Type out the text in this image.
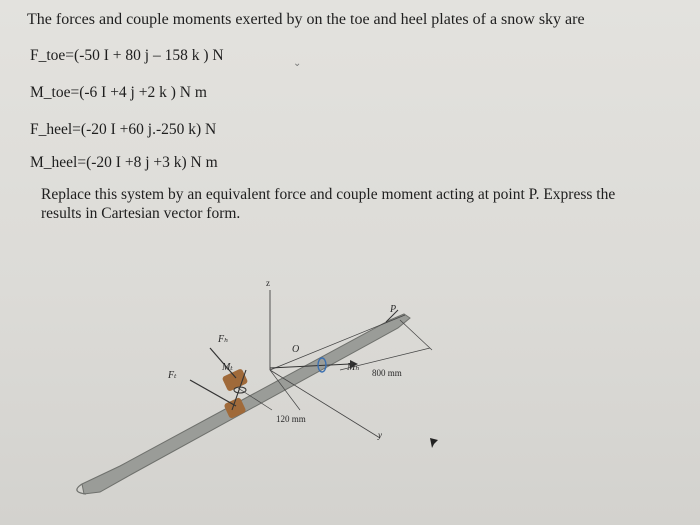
The forces and couple moments exerted by on the toe and heel plates of a snow sky are
F_toe=(-50 I + 80 j – 158 k ) N	⌄
M_toe=(-6 I +4 j +2 k ) N m
F_heel=(-20 I +60 j.-250 k) N
M_heel=(-20 I +8 j +3 k) N m
Replace this system by an equivalent force and couple moment acting at point P. Express the
results in Cartesian vector form.
z
O
P
y
Fₕ
Mₜ
Fₜ
Mₕ 800 mm
120 mm
